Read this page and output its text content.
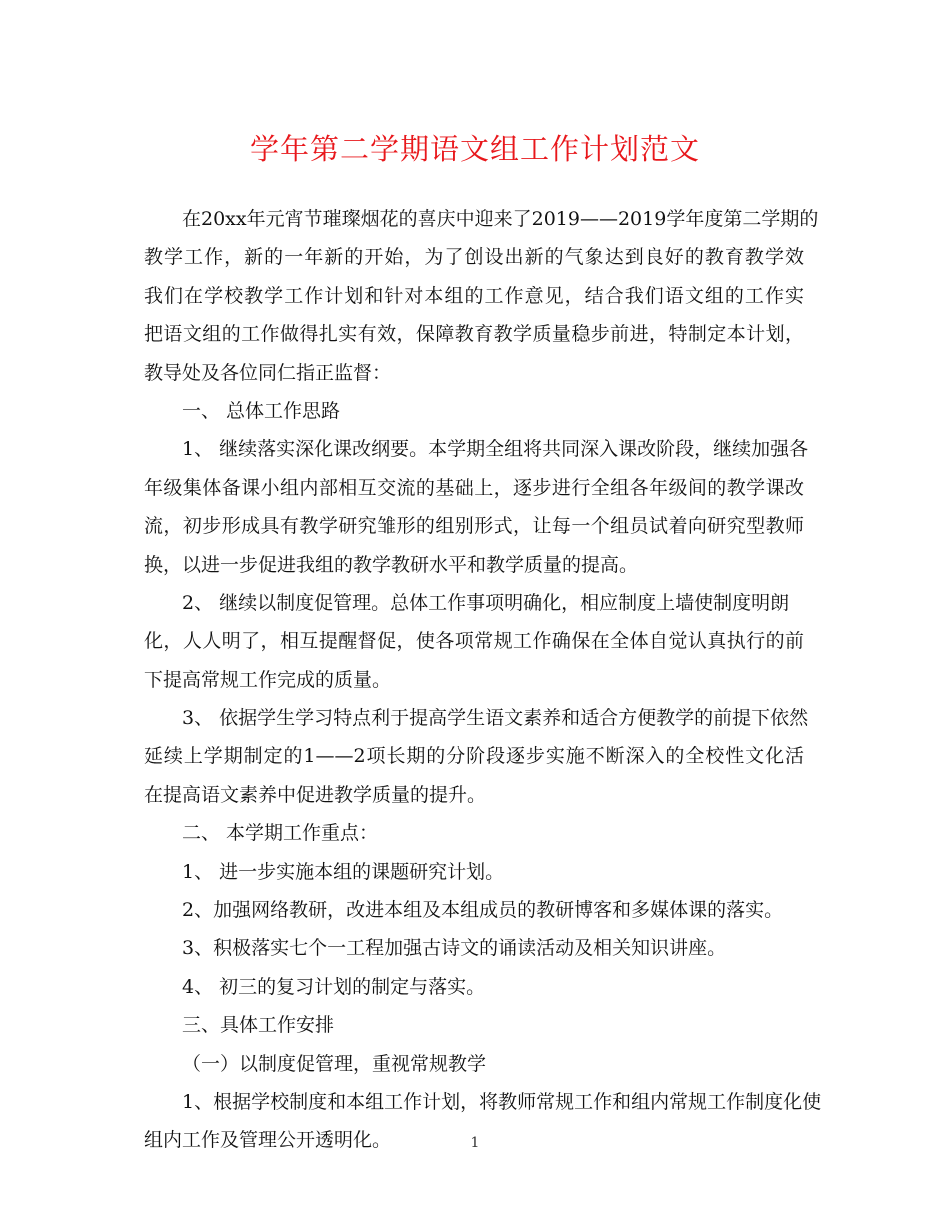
学年第二学期语文组工作计划范文
在20xx年元宵节璀璨烟花的喜庆中迎来了2019——2019学年度第二学期的
教学工作，新的一年新的开始，为了创设出新的气象达到良好的教育教学效
我们在学校教学工作计划和针对本组的工作意见，结合我们语文组的工作实
把语文组的工作做得扎实有效，保障教育教学质量稳步前进，特制定本计划，
教导处及各位同仁指正监督：
一、 总体工作思路
1、 继续落实深化课改纲要。本学期全组将共同深入课改阶段，继续加强各
年级集体备课小组内部相互交流的基础上，逐步进行全组各年级间的教学课改
流，初步形成具有教学研究雏形的组别形式，让每一个组员试着向研究型教师
换，以进一步促进我组的教学教研水平和教学质量的提高。
2、 继续以制度促管理。总体工作事项明确化，相应制度上墙使制度明朗
化，人人明了，相互提醒督促，使各项常规工作确保在全体自觉认真执行的前
下提高常规工作完成的质量。
3、 依据学生学习特点利于提高学生语文素养和适合方便教学的前提下依然
延续上学期制定的1——2项长期的分阶段逐步实施不断深入的全校性文化活
在提高语文素养中促进教学质量的提升。
二、 本学期工作重点：
1、 进一步实施本组的课题研究计划。
2、加强网络教研，改进本组及本组成员的教研博客和多媒体课的落实。
3、积极落实七个一工程加强古诗文的诵读活动及相关知识讲座。
4、 初三的复习计划的制定与落实。
三、具体工作安排
（一）以制度促管理，重视常规教学
1、根据学校制度和本组工作计划，将教师常规工作和组内常规工作制度化使
组内工作及管理公开透明化。	1
